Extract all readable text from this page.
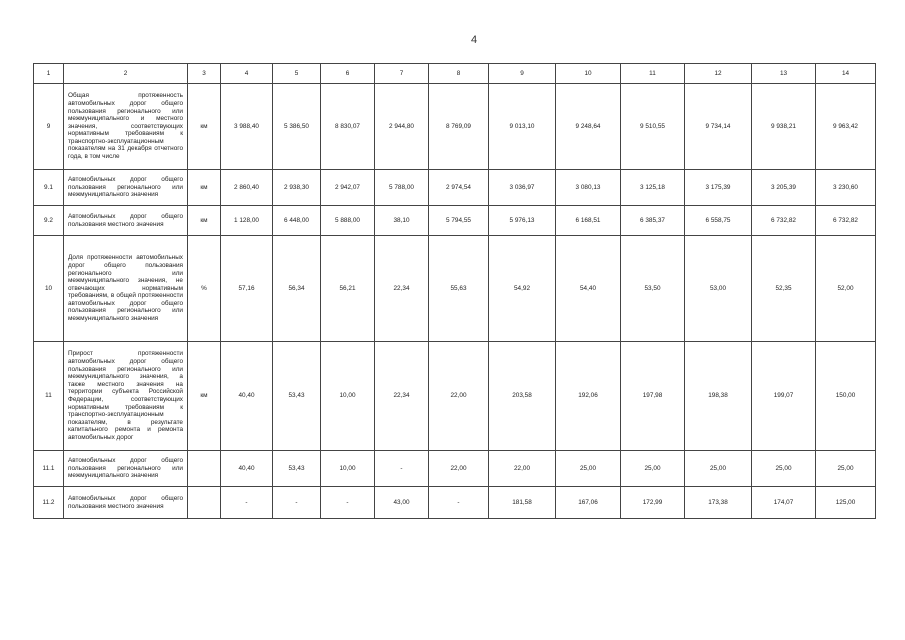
4
1	2	3	4	5	6	7	8	9	10	11	12	13	14
9	Общая протяженность автомобильных дорог общего пользования регионального или межмуниципального и местного значения, соответствующих нормативным требованиям к транспортно-эксплуатационным показателям на 31 декабря отчетного года, в том числе	км	3 988,40	5 386,50	8 830,07	2 944,80	8 769,09	9 013,10	9 248,64	9 510,55	9 734,14	9 938,21	9 963,42
9.1	Автомобильных дорог общего пользования регионального или межмуниципального значения	км	2 860,40	2 938,30	2 942,07	5 788,00	2 974,54	3 036,97	3 080,13	3 125,18	3 175,39	3 205,39	3 230,60
9.2	Автомобильных дорог общего пользования местного значения	км	1 128,00	6 448,00	5 888,00	38,10	5 794,55	5 976,13	6 168,51	6 385,37	6 558,75	6 732,82	6 732,82
10	Доля протяженности автомобильных дорог общего пользования регионального или межмуниципального значения, не отвечающих нормативным требованиям, в общей протяженности автомобильных дорог общего пользования регионального или межмуниципального значения	%	57,16	56,34	56,21	22,34	55,63	54,92	54,40	53,50	53,00	52,35	52,00
11	Прирост протяженности автомобильных дорог общего пользования регионального или межмуниципального значения, а также местного значения на территории субъекта Российской Федерации, соответствующих нормативным требованиям к транспортно-эксплуатационным показателям, в результате капитального ремонта и ремонта автомобильных дорог	км	40,40	53,43	10,00	22,34	22,00	203,58	192,06	197,98	198,38	199,07	150,00
11.1	Автомобильных дорог общего пользования регионального или межмуниципального значения		40,40	53,43	10,00	-	22,00	22,00	25,00	25,00	25,00	25,00	25,00
11.2	Автомобильных дорог общего пользования местного значения		-	-	-	43,00	-	181,58	167,06	172,99	173,38	174,07	125,00
